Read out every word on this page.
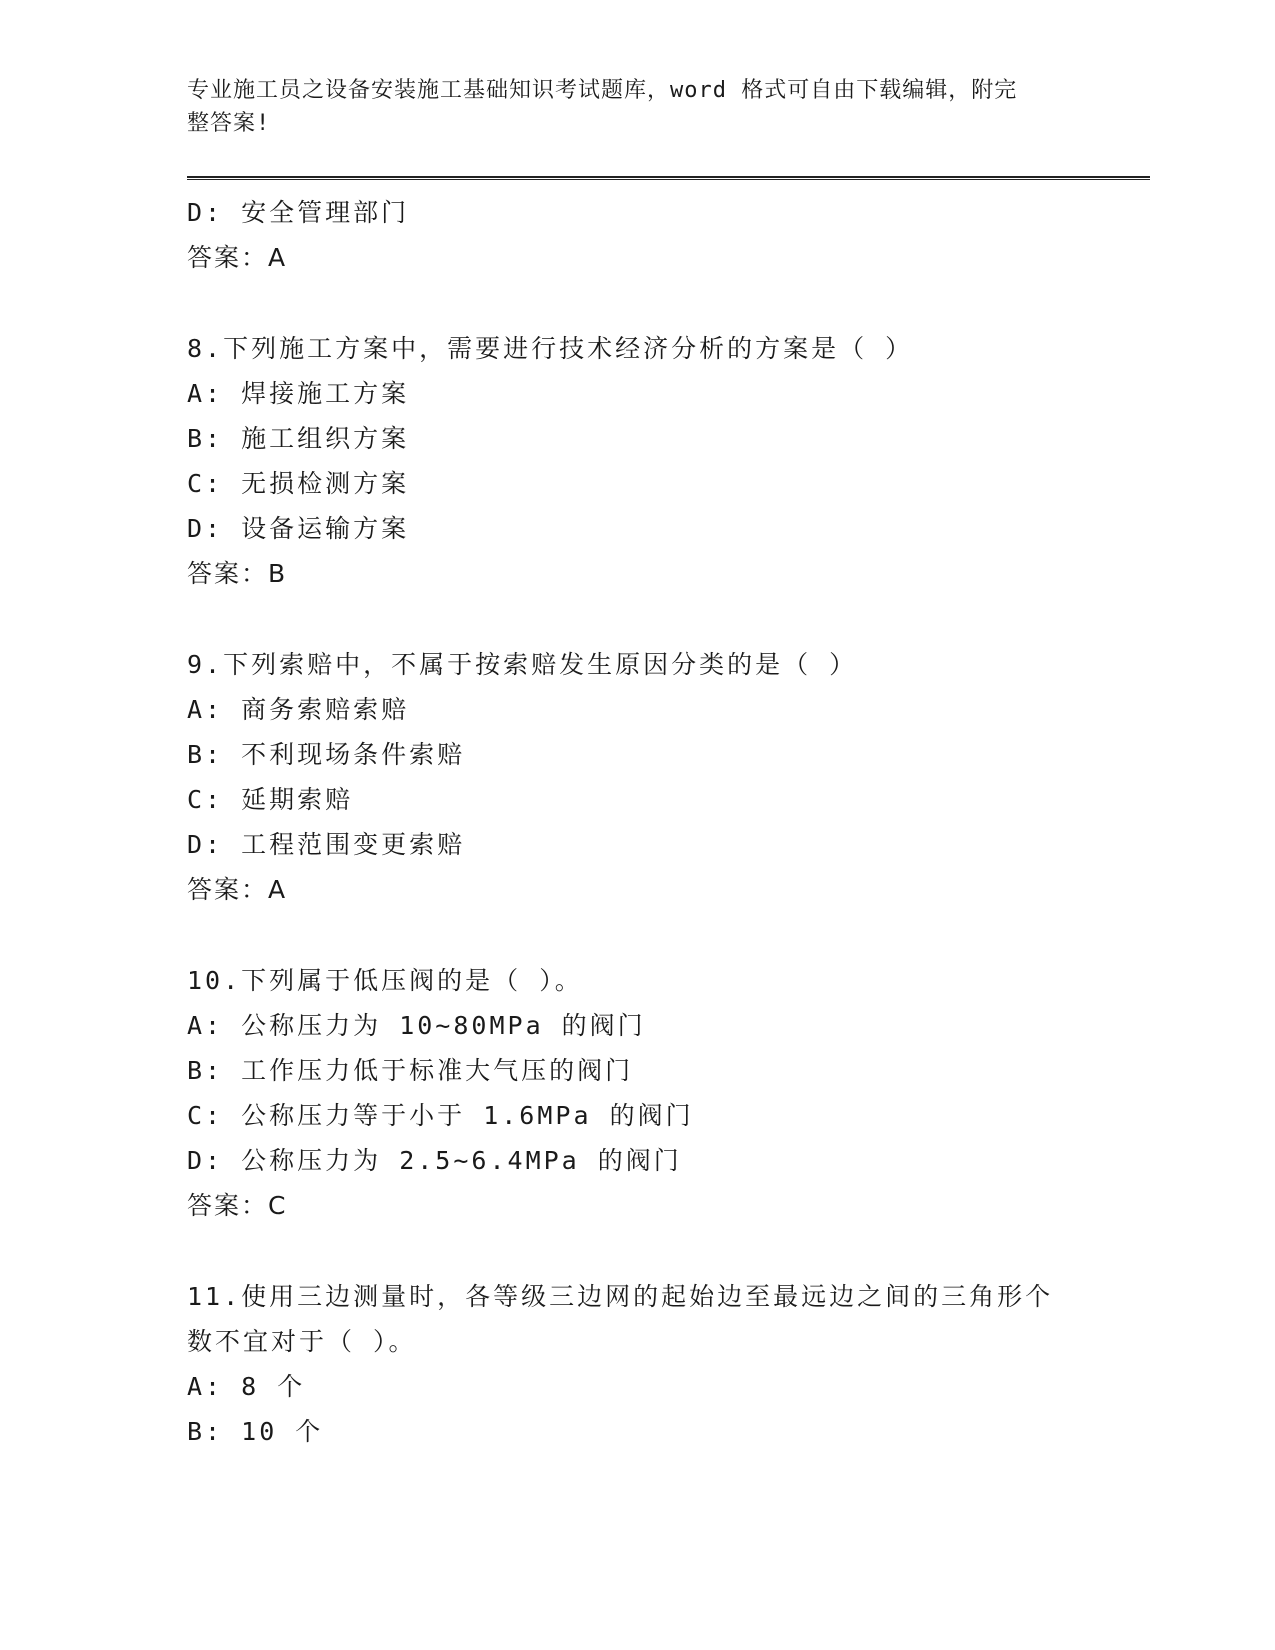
专业施工员之设备安装施工基础知识考试题库，word 格式可自由下载编辑，附完
整答案!
D: 安全管理部门
答案：A
8.下列施工方案中，需要进行技术经济分析的方案是（ ）
A: 焊接施工方案
B: 施工组织方案
C: 无损检测方案
D: 设备运输方案
答案：B
9.下列索赔中，不属于按索赔发生原因分类的是（ ）
A: 商务索赔索赔
B: 不利现场条件索赔
C: 延期索赔
D: 工程范围变更索赔
答案：A
10.下列属于低压阀的是（ ）。
A: 公称压力为 10~80MPa 的阀门
B: 工作压力低于标准大气压的阀门
C: 公称压力等于小于 1.6MPa 的阀门
D: 公称压力为 2.5~6.4MPa 的阀门
答案：C
11.使用三边测量时，各等级三边网的起始边至最远边之间的三角形个
数不宜对于（ ）。
A: 8 个
B: 10 个
